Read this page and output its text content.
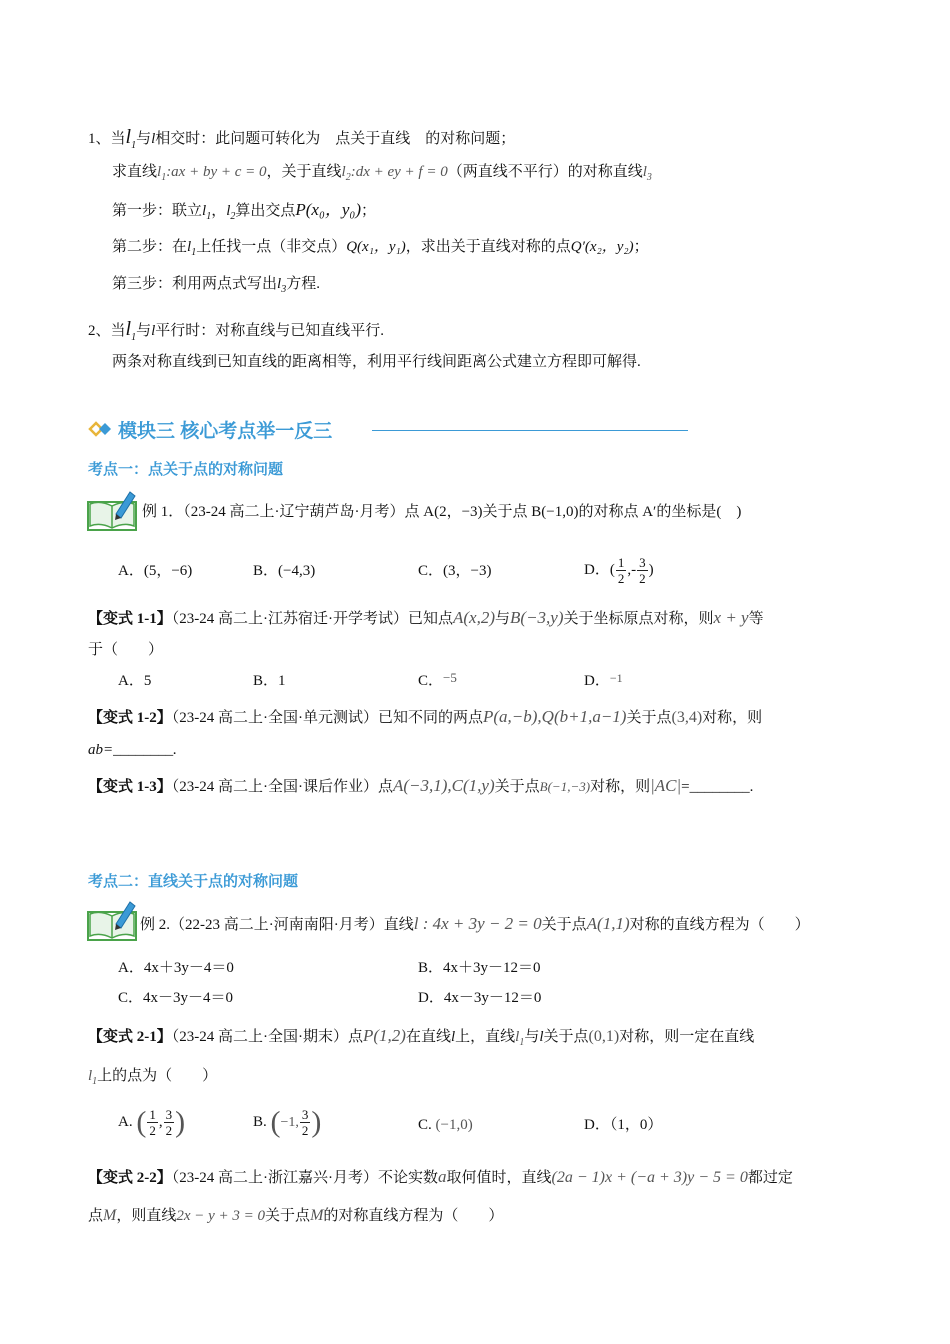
1、当$l_1$与l相交时：此问题可转化为　点关于直线　的对称问题；
求直线$l_1:ax$ + by + c = 0，关于直线$l_2:dx$ + ey + f = 0（两直线不平行）的对称直线$l_3$
第一步：联立$l_1$，$l_2$算出交点P(x₀，y₀)；
第二步：在$l_1$上任找一点（非交点）Q(x₁，y₁)，求出关于直线对称的点Q′(x₂，y₂)；
第三步：利用两点式写出$l_3$方程.
2、当$l_1$与l平行时：对称直线与已知直线平行.
两条对称直线到已知直线的距离相等，利用平行线间距离公式建立方程即可解得.
模块三 核心考点举一反三
考点一：点关于点的对称问题
例 1．（23-24 高二上·辽宁葫芦岛·月考）点 A(2，−3)关于点 B(−1,0)的对称点 A′的坐标是(　)
A．(5，−6)	B．(−4,3)	C．(3，−3)	D．( $\frac{1}{2}$ ,- $\frac{3}{2}$ )
【变式 1-1】（23-24 高二上·江苏宿迁·开学考试）已知点A(x,2)与B(−3,y)关于坐标原点对称，则x + y等
于（　　）
A．5	B．1	C．−5	D．$^{-1}$
【变式 1-2】（23-24 高二上·全国·单元测试）已知不同的两点P(a,−b),Q(b+1,a−1)关于点(3,4)对称，则
ab=________.
【变式 1-3】（23-24 高二上·全国·课后作业）点A(−3,1),C(1,y)关于点B(−1,−3)对称，则|AC|=________.
考点二：直线关于点的对称问题
例 2.（22-23 高二上·河南南阳·月考）直线l : 4x + 3y − 2 = 0关于点A(1,1)对称的直线方程为（　　）
A．4x＋3y－4＝0	B．4x＋3y－12＝0
C．4x－3y－4＝0	D．4x－3y－12＝0
【变式 2-1】（23-24 高二上·全国·期末）点P(1,2)在直线l上，直线$l_1$与l关于点(0,1)对称，则一定在直线
$l_1$上的点为（　　）
A. ( $\frac{1}{2}$ , $\frac{3}{2}$ )	B. (−1, $\frac{3}{2}$ )	C. (−1,0)	D．（1，0）
【变式 2-2】（23-24 高二上·浙江嘉兴·月考）不论实数a取何值时，直线(2a − 1)x + (−a + 3)y − 5 = 0都过定
点M，则直线2x − y + 3 = 0关于点M的对称直线方程为（　　）
